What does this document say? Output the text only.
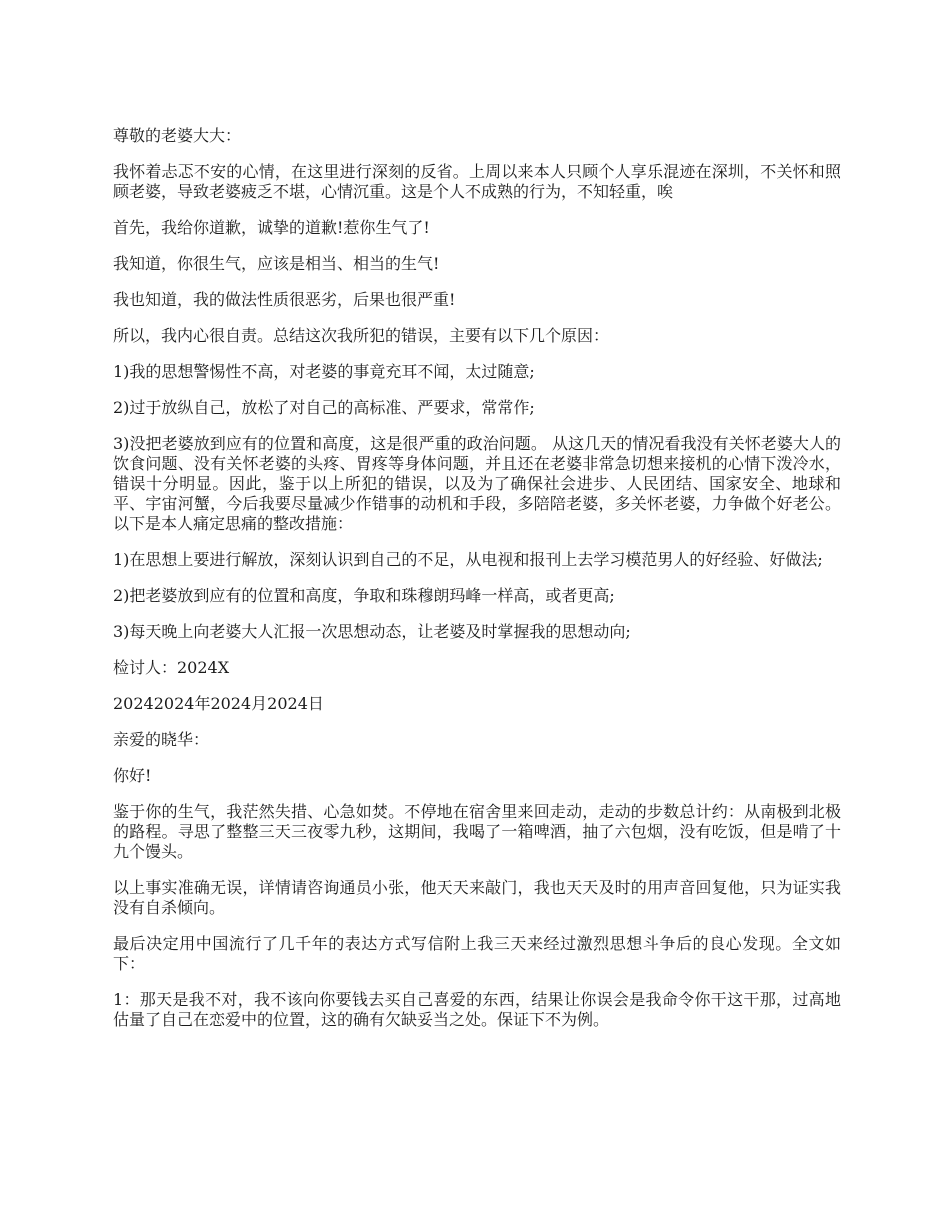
尊敬的老婆大大：

我怀着忐忑不安的心情，在这里进行深刻的反省。上周以来本人只顾个人享乐混迹在深圳，不关怀和照顾老婆，导致老婆疲乏不堪，心情沉重。这是个人不成熟的行为，不知轻重，唉

首先，我给你道歉，诚挚的道歉!惹你生气了!

我知道，你很生气，应该是相当、相当的生气!

我也知道，我的做法性质很恶劣，后果也很严重!

所以，我内心很自责。总结这次我所犯的错误，主要有以下几个原因：

1)我的思想警惕性不高，对老婆的事竟充耳不闻，太过随意;

2)过于放纵自己，放松了对自己的高标准、严要求，常常作;

3)没把老婆放到应有的位置和高度，这是很严重的政治问题。 从这几天的情况看我没有关怀老婆大人的饮食问题、没有关怀老婆的头疼、胃疼等身体问题，并且还在老婆非常急切想来接机的心情下泼冷水，错误十分明显。因此，鉴于以上所犯的错误，以及为了确保社会进步、人民团结、国家安全、地球和平、宇宙河蟹，今后我要尽量减少作错事的动机和手段，多陪陪老婆，多关怀老婆，力争做个好老公。以下是本人痛定思痛的整改措施：

1)在思想上要进行解放，深刻认识到自己的不足，从电视和报刊上去学习模范男人的好经验、好做法;

2)把老婆放到应有的位置和高度，争取和珠穆朗玛峰一样高，或者更高;

3)每天晚上向老婆大人汇报一次思想动态，让老婆及时掌握我的思想动向;

检讨人：2024X

20242024年2024月2024日

亲爱的晓华：

你好!

鉴于你的生气，我茫然失措、心急如焚。不停地在宿舍里来回走动，走动的步数总计约：从南极到北极的路程。寻思了整整三天三夜零九秒，这期间，我喝了一箱啤酒，抽了六包烟，没有吃饭，但是啃了十九个馒头。

以上事实准确无误，详情请咨询通员小张，他天天来敲门，我也天天及时的用声音回复他，只为证实我没有自杀倾向。

最后决定用中国流行了几千年的表达方式写信附上我三天来经过激烈思想斗争后的良心发现。全文如下：

1：那天是我不对，我不该向你要钱去买自己喜爱的东西，结果让你误会是我命令你干这干那，过高地估量了自己在恋爱中的位置，这的确有欠缺妥当之处。保证下不为例。
